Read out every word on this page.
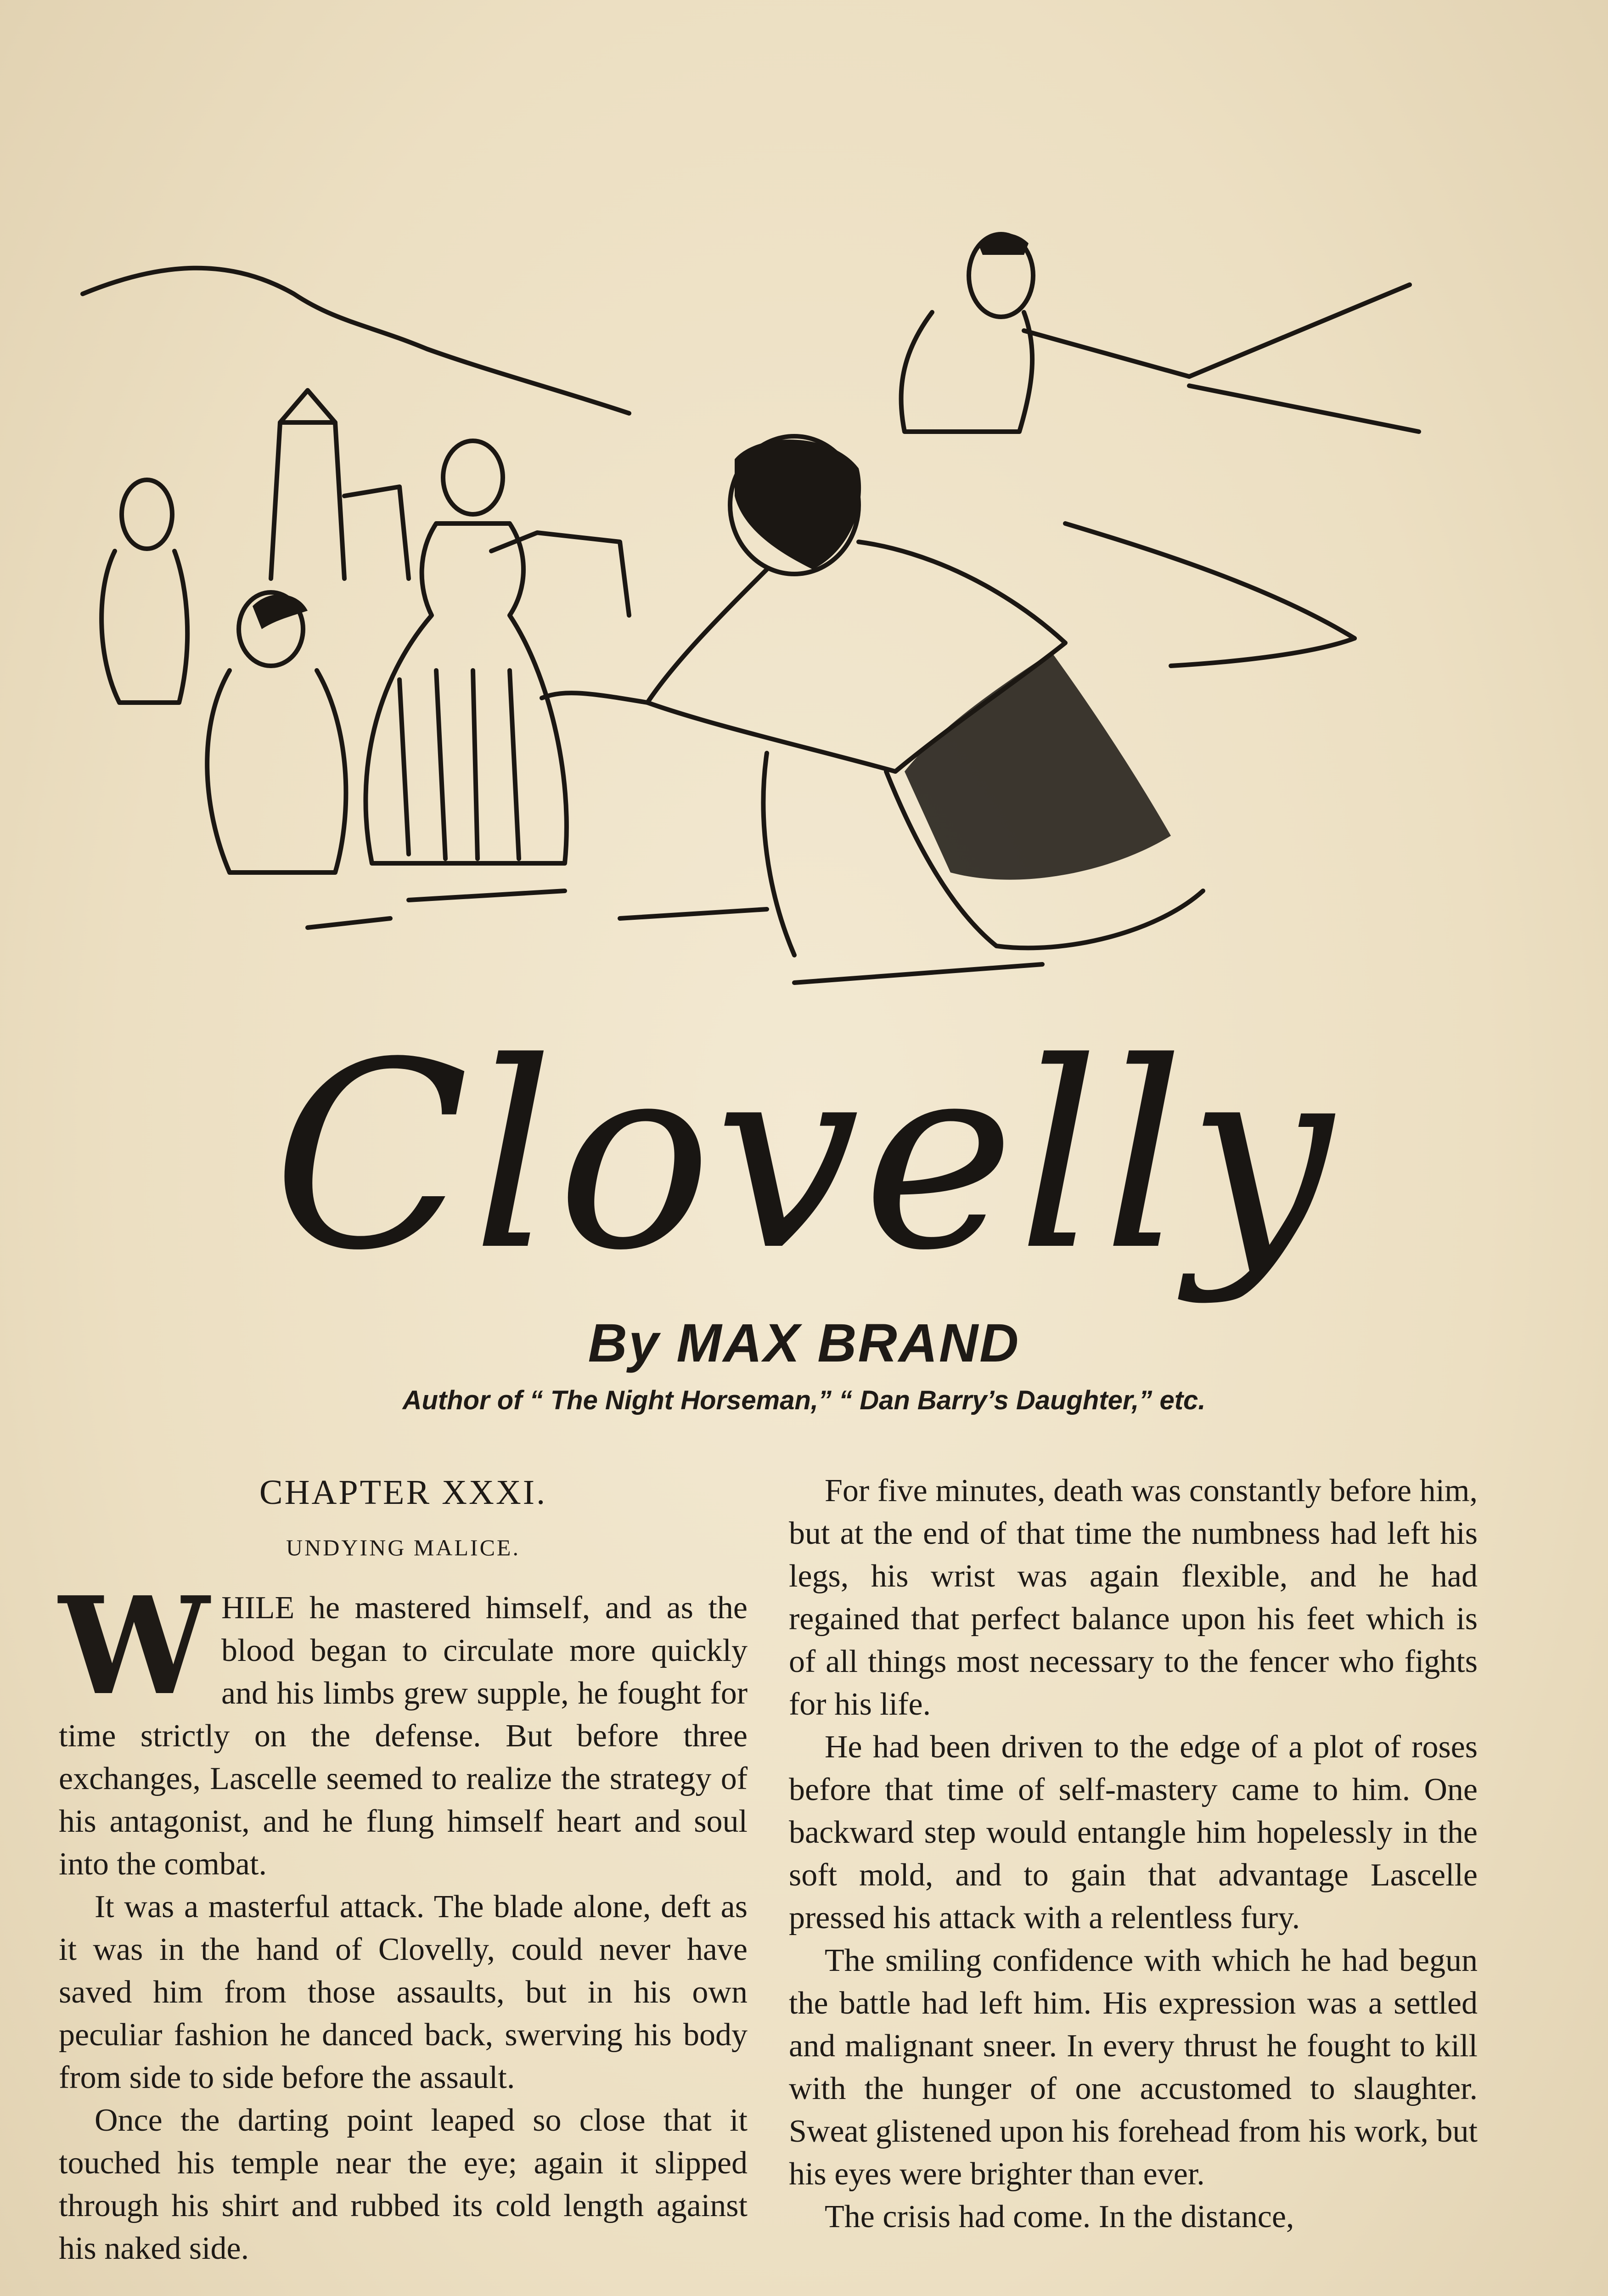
Clovelly
By MAX BRAND
Author of “ The Night Horseman,” “ Dan Barry’s Daughter,” etc.
CHAPTER XXXI.
UNDYING MALICE.

WHILE he mastered himself, and as the blood began to circulate more quickly and his limbs grew supple, he fought for time strictly on the defense. But before three exchanges, Lascelle seemed to realize the strategy of his antagonist, and he flung himself heart and soul into the combat.

It was a masterful attack. The blade alone, deft as it was in the hand of Clovelly, could never have saved him from those assaults, but in his own peculiar fashion he danced back, swerving his body from side to side before the assault.

Once the darting point leaped so close that it touched his temple near the eye; again it slipped through his shirt and rubbed its cold length against his naked side.

For five minutes, death was constantly before him, but at the end of that time the numbness had left his legs, his wrist was again flexible, and he had regained that perfect balance upon his feet which is of all things most necessary to the fencer who fights for his life.

He had been driven to the edge of a plot of roses before that time of self-mastery came to him. One backward step would entangle him hopelessly in the soft mold, and to gain that advantage Lascelle pressed his attack with a relentless fury.

The smiling confidence with which he had begun the battle had left him. His expression was a settled and malignant sneer. In every thrust he fought to kill with the hunger of one accustomed to slaughter. Sweat glistened upon his forehead from his work, but his eyes were brighter than ever.

The crisis had come. In the distance,
